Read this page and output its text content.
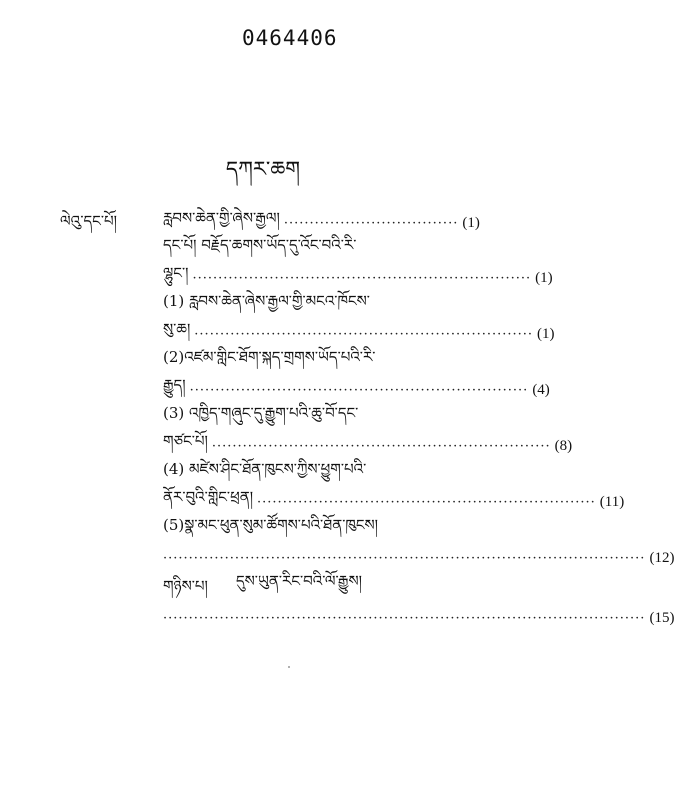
0464406
དཀར་ཆག
ལེའུ་དང་པོ།	རླབས་ཆེན་གྱི་ཞེས་རྒྱལ། ·································· (1)
དང་པོ། བརྗོད་ཆགས་ཡོད་དུ་འོང་བའི་རི་
ལྷུང་། ·································································· (1)
(1) རླབས་ཆེན་ཞེས་རྒྱལ་གྱི་མངའ་ཁོངས་
སུ་ཆ། ·································································· (1)
(2)འཛམ་གླིང་ཐོག་སྐད་གྲགས་ཡོད་པའི་རི་
རྒྱུད། ·································································· (4)
(3) འཁྱིད་གཞུང་དུ་རྒྱུག་པའི་ཆུ་བོ་དང་
གཙང་པོ། ·································································· (8)
(4) མཛེས་ཤིང་ཐོན་ཁུངས་ཀྱིས་ཕྱུག་པའི་
ནོར་བུའི་གླིང་ཕྲན། ·································································· (11)
(5)སྣ་མང་ཕུན་སུམ་ཚོགས་པའི་ཐོན་ཁུངས།
······························································································ (12)
གཉིས་པ། དུས་ཡུན་རིང་བའི་ལོ་རྒྱུས།
······························································································ (15)
